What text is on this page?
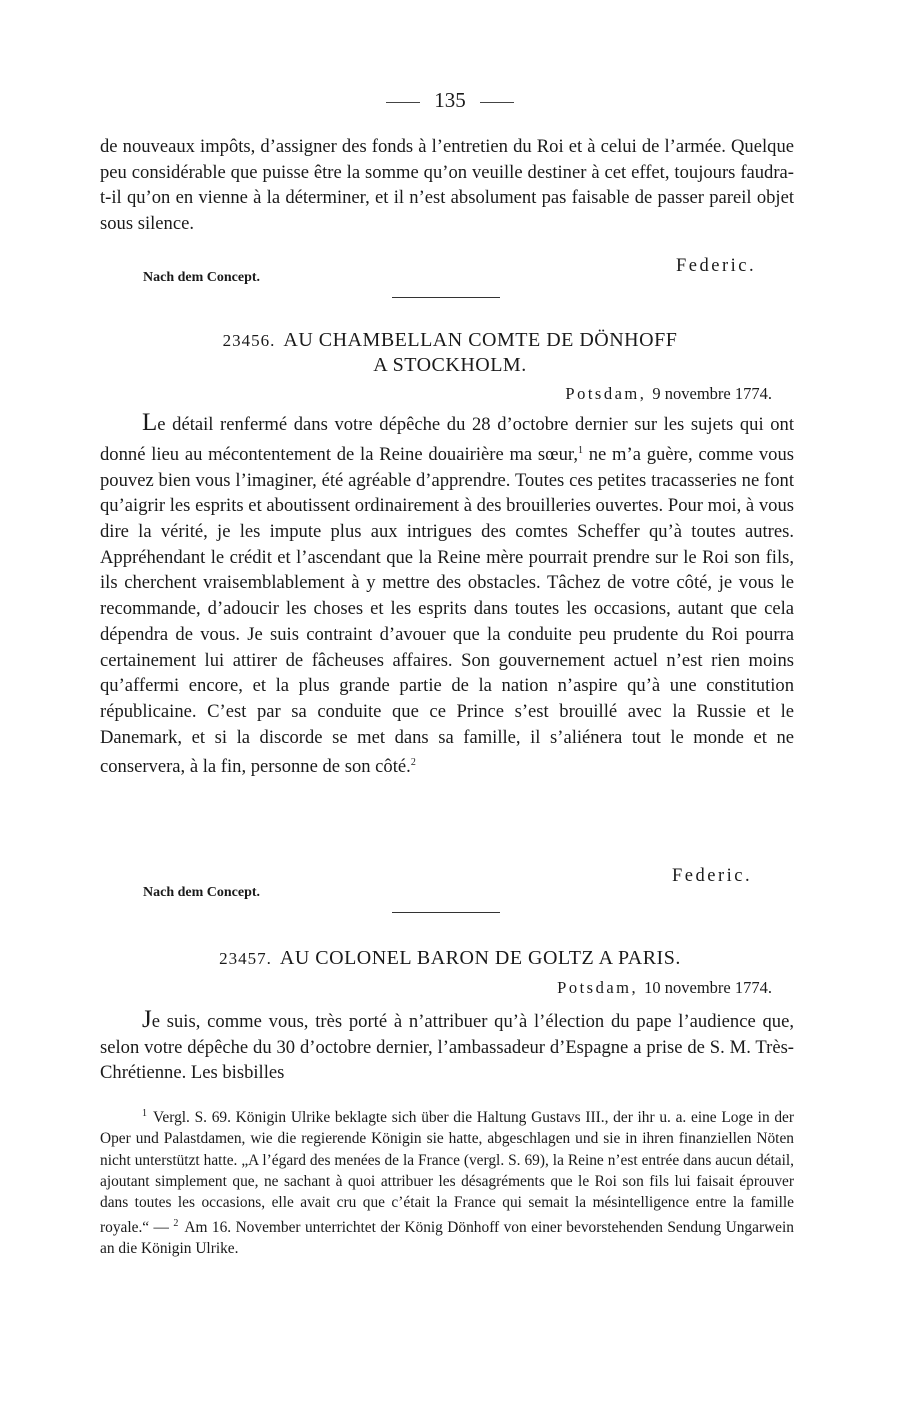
135
de nouveaux impôts, d’assigner des fonds à l’entretien du Roi et à celui de l’armée. Quelque peu considérable que puisse être la somme qu’on veuille destiner à cet effet, toujours faudra-t-il qu’on en vienne à la déterminer, et il n’est absolument pas faisable de passer pareil objet sous silence.
Nach dem Concept.
Federic.
23456. AU CHAMBELLAN COMTE DE DÖNHOFF
A STOCKHOLM.
Potsdam, 9 novembre 1774.
Le détail renfermé dans votre dépêche du 28 d’octobre dernier sur les sujets qui ont donné lieu au mécontentement de la Reine douairière ma sœur,$^1$ ne m’a guère, comme vous pouvez bien vous l’imaginer, été agréable d’apprendre. Toutes ces petites tracasseries ne font qu’aigrir les esprits et aboutissent ordinairement à des brouilleries ouvertes. Pour moi, à vous dire la vérité, je les impute plus aux intrigues des comtes Scheffer qu’à toutes autres. Appréhendant le crédit et l’ascendant que la Reine mère pourrait prendre sur le Roi son fils, ils cherchent vraisemblablement à y mettre des obstacles. Tâchez de votre côté, je vous le recommande, d’adoucir les choses et les esprits dans toutes les occasions, autant que cela dépendra de vous. Je suis contraint d’avouer que la conduite peu prudente du Roi pourra certainement lui attirer de fâcheuses affaires. Son gouvernement actuel n’est rien moins qu’affermi encore, et la plus grande partie de la nation n’aspire qu’à une constitution républicaine. C’est par sa conduite que ce Prince s’est brouillé avec la Russie et le Danemark, et si la discorde se met dans sa famille, il s’aliénera tout le monde et ne conservera, à la fin, personne de son côté.$^2$
Nach dem Concept.
Federic.
23457. AU COLONEL BARON DE GOLTZ A PARIS.
Potsdam, 10 novembre 1774.
Je suis, comme vous, très porté à n’attribuer qu’à l’élection du pape l’audience que, selon votre dépêche du 30 d’octobre dernier, l’ambassadeur d’Espagne a prise de S. M. Très-Chrétienne. Les bisbilles

$^1$ Vergl. S. 69. Königin Ulrike beklagte sich über die Haltung Gustavs III., der ihr u. a. eine Loge in der Oper und Palastdamen, wie die regierende Königin sie hatte, abgeschlagen und sie in ihren finanziellen Nöten nicht unterstützt hatte. „A l’égard des menées de la France (vergl. S. 69), la Reine n’est entrée dans aucun détail, ajoutant simplement que, ne sachant à quoi attribuer les désagréments que le Roi son fils lui faisait éprouver dans toutes les occasions, elle avait cru que c’était la France qui semait la mésintelligence entre la famille royale.“ — $^2$ Am 16. November unterrichtet der König Dönhoff von einer bevorstehenden Sendung Ungarwein an die Königin Ulrike.
